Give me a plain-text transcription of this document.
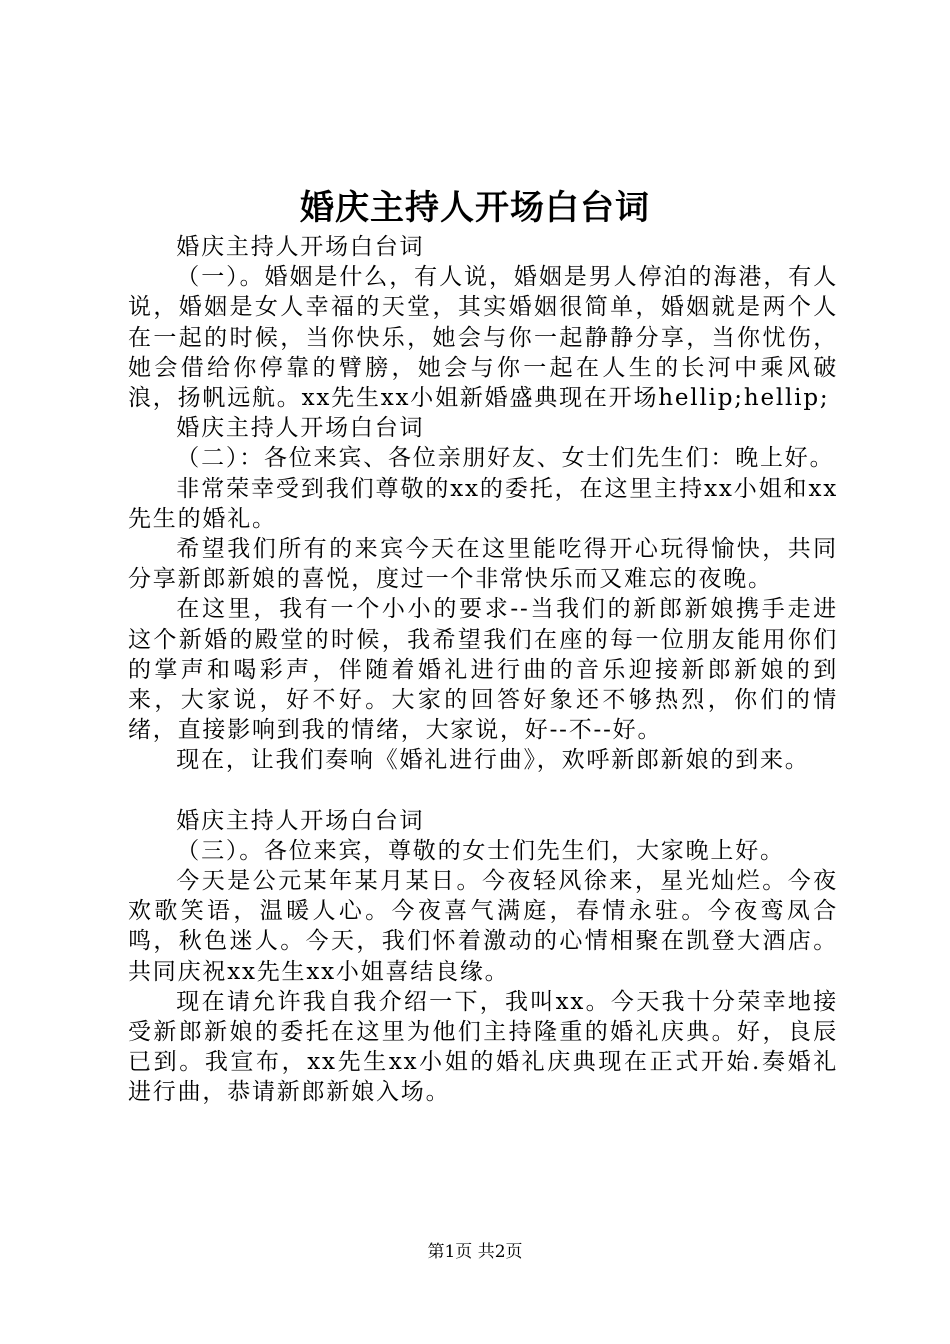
婚庆主持人开场白台词

婚庆主持人开场白台词

（一）。婚姻是什么，有人说，婚姻是男人停泊的海港，有人说，婚姻是女人幸福的天堂，其实婚姻很简单，婚姻就是两个人在一起的时候，当你快乐，她会与你一起静静分享，当你忧伤，她会借给你停靠的臂膀，她会与你一起在人生的长河中乘风破浪，扬帆远航。xx先生xx小姐新婚盛典现在开场hellip;hellip;

婚庆主持人开场白台词

（二）：各位来宾、各位亲朋好友、女士们先生们：晚上好。

非常荣幸受到我们尊敬的xx的委托，在这里主持xx小姐和xx先生的婚礼。

希望我们所有的来宾今天在这里能吃得开心玩得愉快，共同分享新郎新娘的喜悦，度过一个非常快乐而又难忘的夜晚。

在这里，我有一个小小的要求--当我们的新郎新娘携手走进这个新婚的殿堂的时候，我希望我们在座的每一位朋友能用你们的掌声和喝彩声，伴随着婚礼进行曲的音乐迎接新郎新娘的到来，大家说，好不好。大家的回答好象还不够热烈，你们的情绪，直接影响到我的情绪，大家说，好--不--好。

现在，让我们奏响《婚礼进行曲》，欢呼新郎新娘的到来。

婚庆主持人开场白台词

（三）。各位来宾，尊敬的女士们先生们，大家晚上好。

今天是公元某年某月某日。今夜轻风徐来，星光灿烂。今夜欢歌笑语，温暖人心。今夜喜气满庭，春情永驻。今夜鸾凤合鸣，秋色迷人。今天，我们怀着激动的心情相聚在凯登大酒店。共同庆祝xx先生xx小姐喜结良缘。

现在请允许我自我介绍一下，我叫xx。今天我十分荣幸地接受新郎新娘的委托在这里为他们主持隆重的婚礼庆典。好，良辰已到。我宣布，xx先生xx小姐的婚礼庆典现在正式开始.奏婚礼进行曲，恭请新郎新娘入场。

第1页 共2页
